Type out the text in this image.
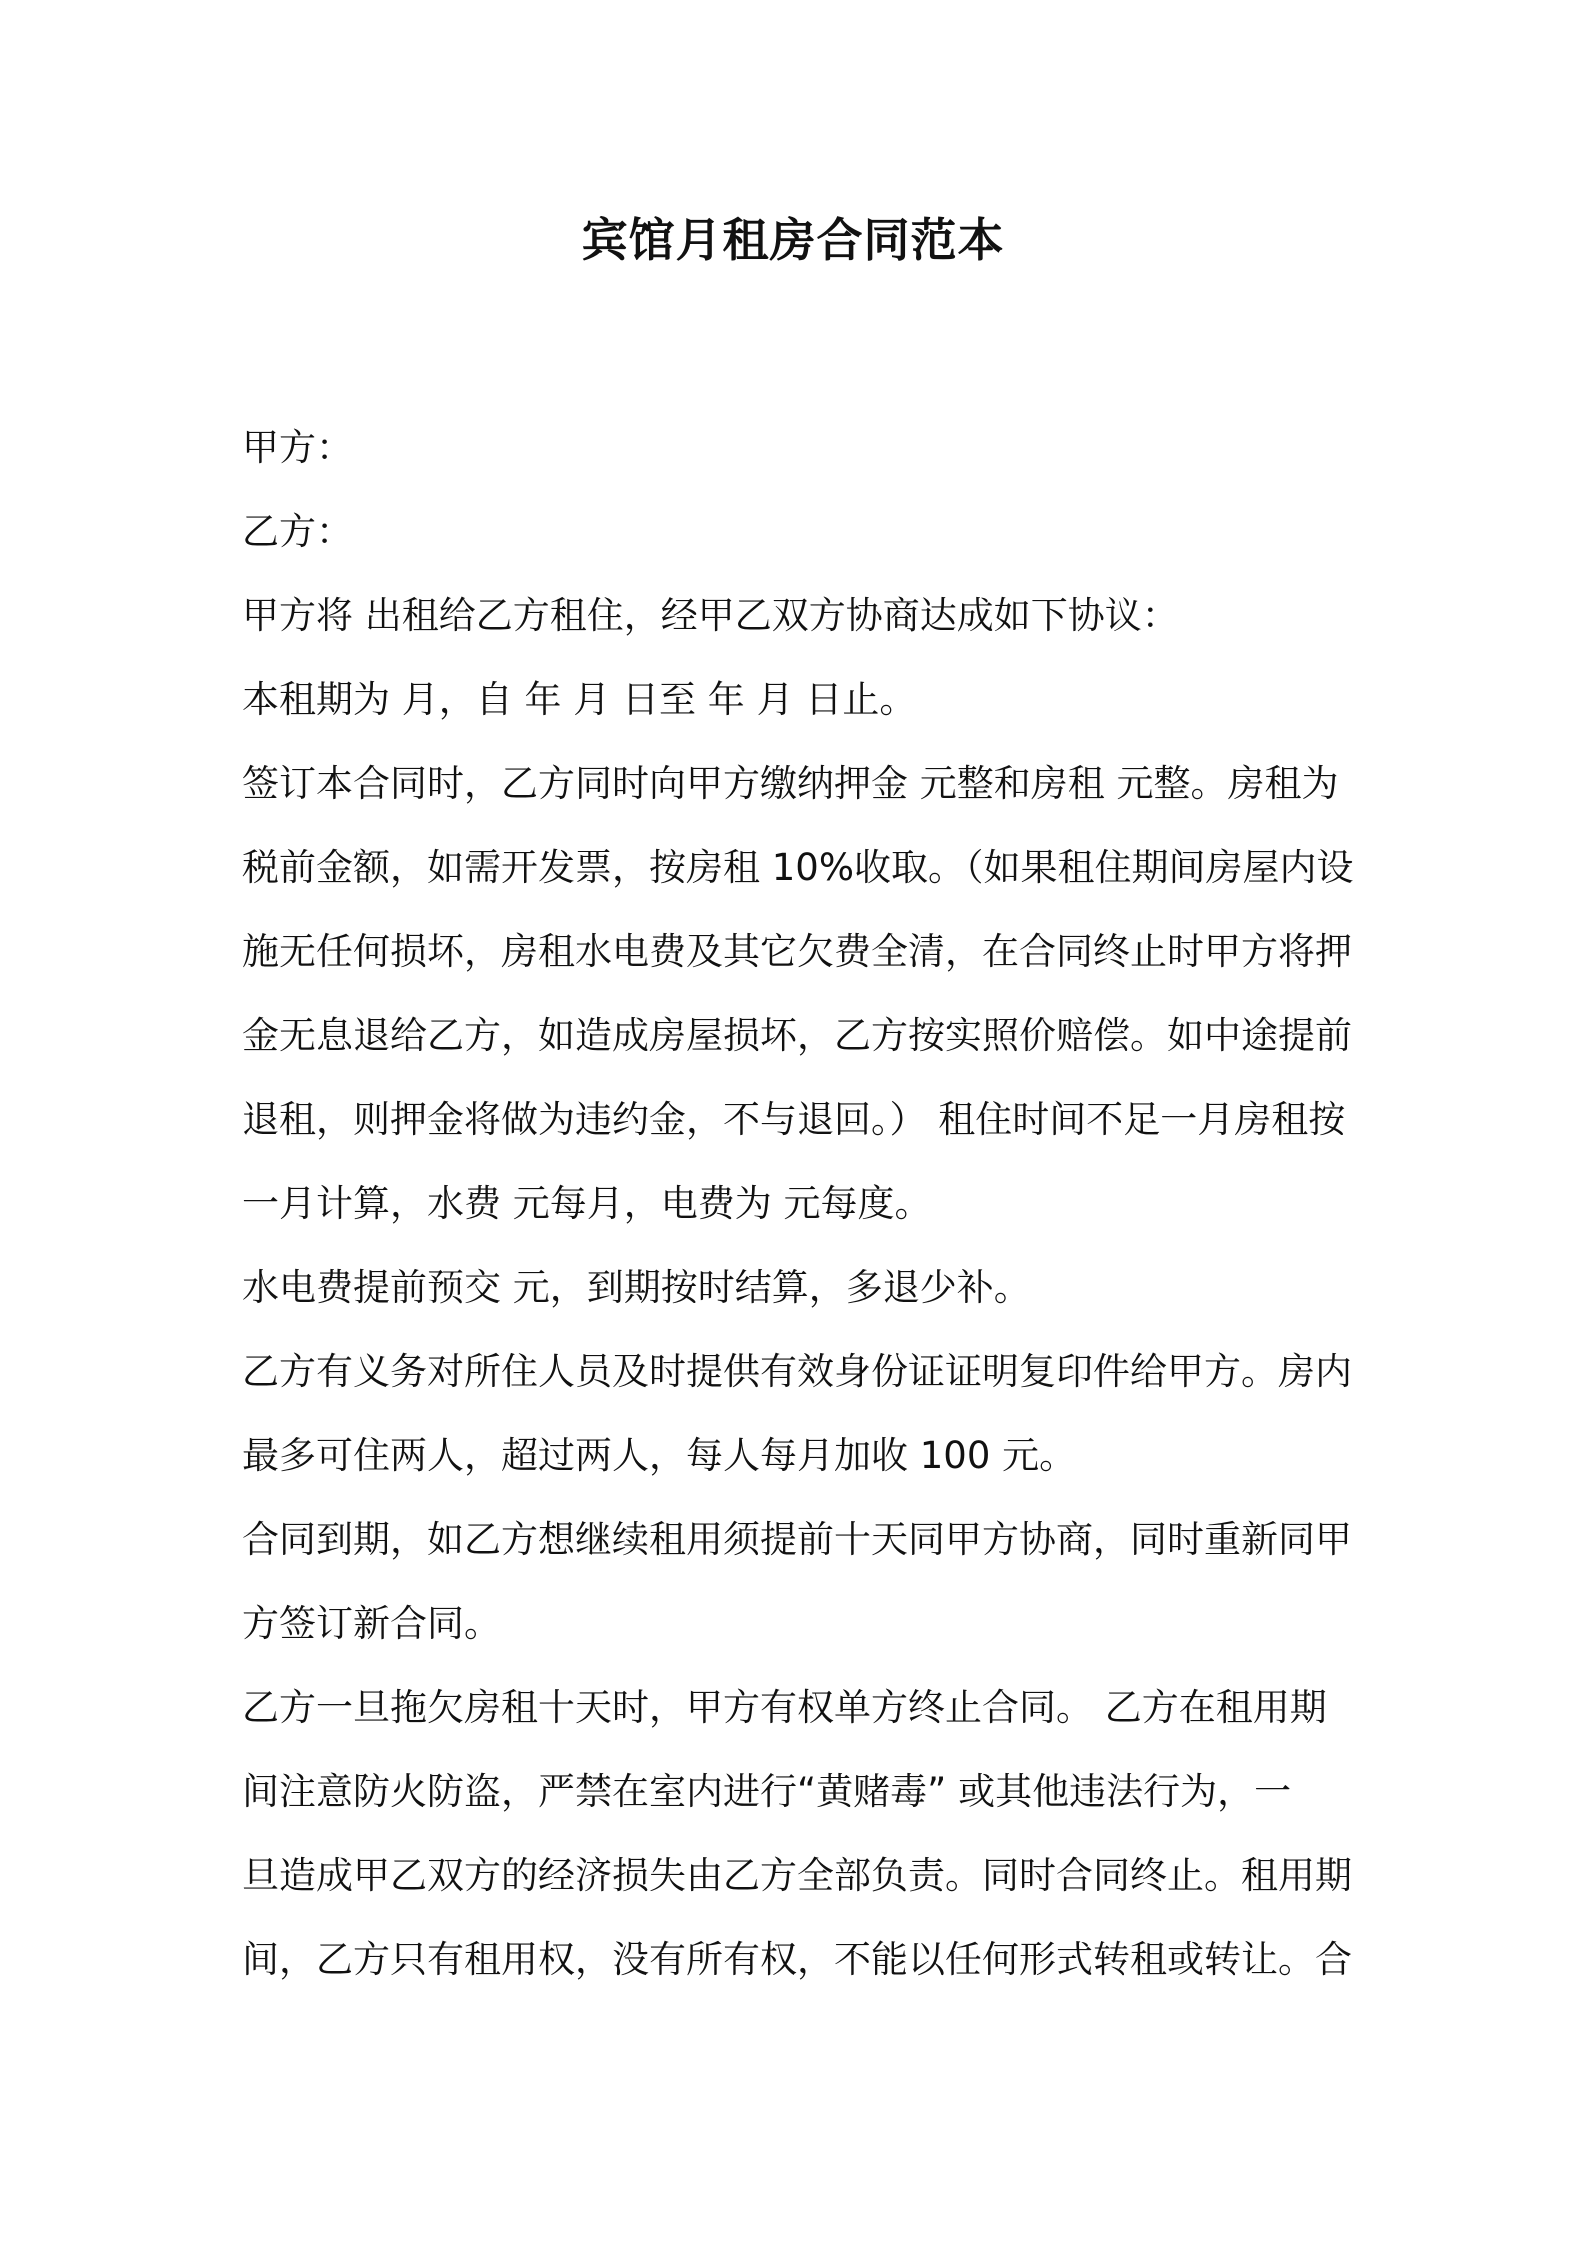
宾馆月租房合同范本

甲方：

乙方：

甲方将 出租给乙方租住，经甲乙双方协商达成如下协议：

本租期为 月，自 年 月 日至 年 月 日止。

签订本合同时，乙方同时向甲方缴纳押金 元整和房租 元整。房租为

税前金额，如需开发票，按房租 10%收取。（如果租住期间房屋内设

施无任何损坏，房租水电费及其它欠费全清，在合同终止时甲方将押

金无息退给乙方，如造成房屋损坏，乙方按实照价赔偿。如中途提前

退租，则押金将做为违约金，不与退回。） 租住时间不足一月房租按

一月计算，水费 元每月，电费为 元每度。

水电费提前预交 元，到期按时结算，多退少补。

乙方有义务对所住人员及时提供有效身份证证明复印件给甲方。房内

最多可住两人，超过两人，每人每月加收 100 元。

合同到期，如乙方想继续租用须提前十天同甲方协商，同时重新同甲

方签订新合同。

乙方一旦拖欠房租十天时，甲方有权单方终止合同。 乙方在租用期

间注意防火防盗，严禁在室内进行“黄赌毒” 或其他违法行为，一

旦造成甲乙双方的经济损失由乙方全部负责。同时合同终止。租用期

间，乙方只有租用权，没有所有权，不能以任何形式转租或转让。合
